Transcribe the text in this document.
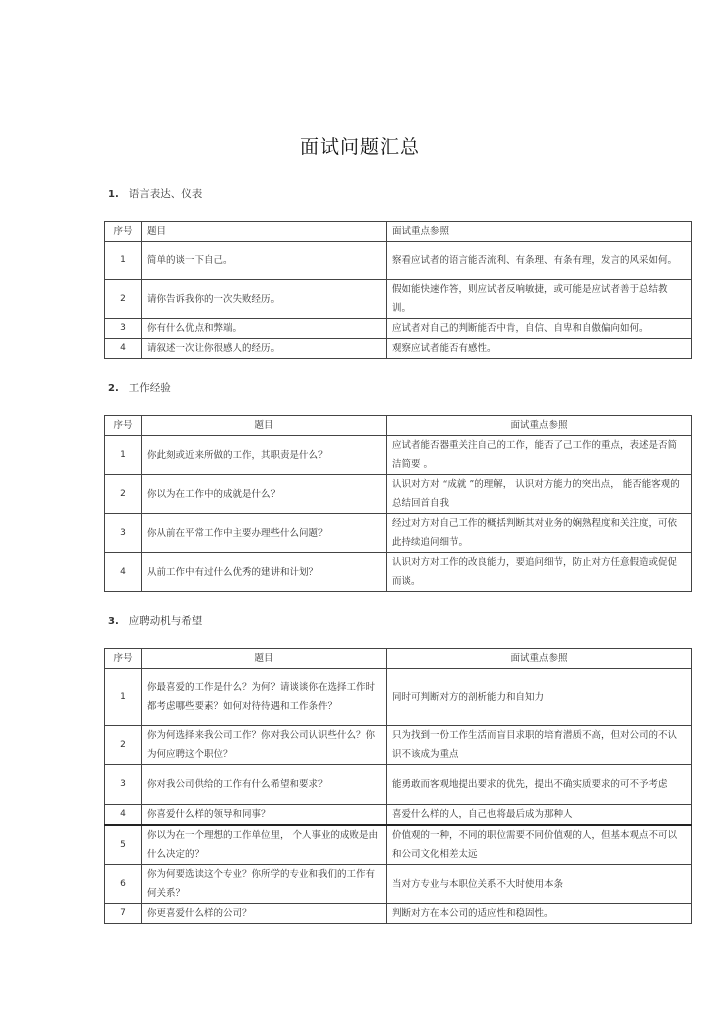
面试问题汇总
1. 语言表达、仪表
序号	题目	面试重点参照
1	简单的谈一下自己。	察看应试者的语言能否流利、有条理、有条有理，发言的风采如何。
2	请你告诉我你的一次失败经历。	假如能快速作答，则应试者反响敏捷，或可能是应试者善于总结教训。
3	你有什么优点和弊端。	应试者对自己的判断能否中肯，自信、自卑和自傲偏向如何。
4	请叙述一次让你很感人的经历。	观察应试者能否有感性。
2. 工作经验
序号	题目	面试重点参照
1	你此刻或近来所做的工作，其职责是什么？	应试者能否器重关注自己的工作，能否了己工作的重点，表述是否简洁简要 。
2	你以为在工作中的成就是什么？	认识对方对 “成就 ”的理解， 认识对方能力的突出点， 能否能客观的总结回首自我
3	你从前在平常工作中主要办理些什么问题？	经过对方对自己工作的概括判断其对业务的娴熟程度和关注度，可依此持续追问细节。
4	从前工作中有过什么优秀的建讲和计划？	认识对方对工作的改良能力，要追问细节，防止对方任意假造或促促而谈。
3. 应聘动机与希望
序号	题目	面试重点参照
1	你最喜爱的工作是什么？为何？请谈谈你在选择工作时都考虑哪些要素？如何对待待遇和工作条件？	同时可判断对方的剖析能力和自知力
2	你为何选择来我公司工作？你对我公司认识些什么？你为何应聘这个职位？	只为找到一份工作生活而盲目求职的培育潜质不高，但对公司的不认识不该成为重点
3	你对我公司供给的工作有什么希望和要求？	能勇敢而客观地提出要求的优先，提出不确实质要求的可不予考虑
4	你喜爱什么样的领导和同事？	喜爱什么样的人，自己也将最后成为那种人
5	你以为在一个理想的工作单位里， 个人事业的成败是由什么决定的？	价值观的一种，不同的职位需要不同价值观的人，但基本观点不可以和公司文化相差太远
6	你为何要选读这个专业？你所学的专业和我们的工作有何关系？	当对方专业与本职位关系不大时使用本条
7	你更喜爱什么样的公司？	判断对方在本公司的适应性和稳固性。
